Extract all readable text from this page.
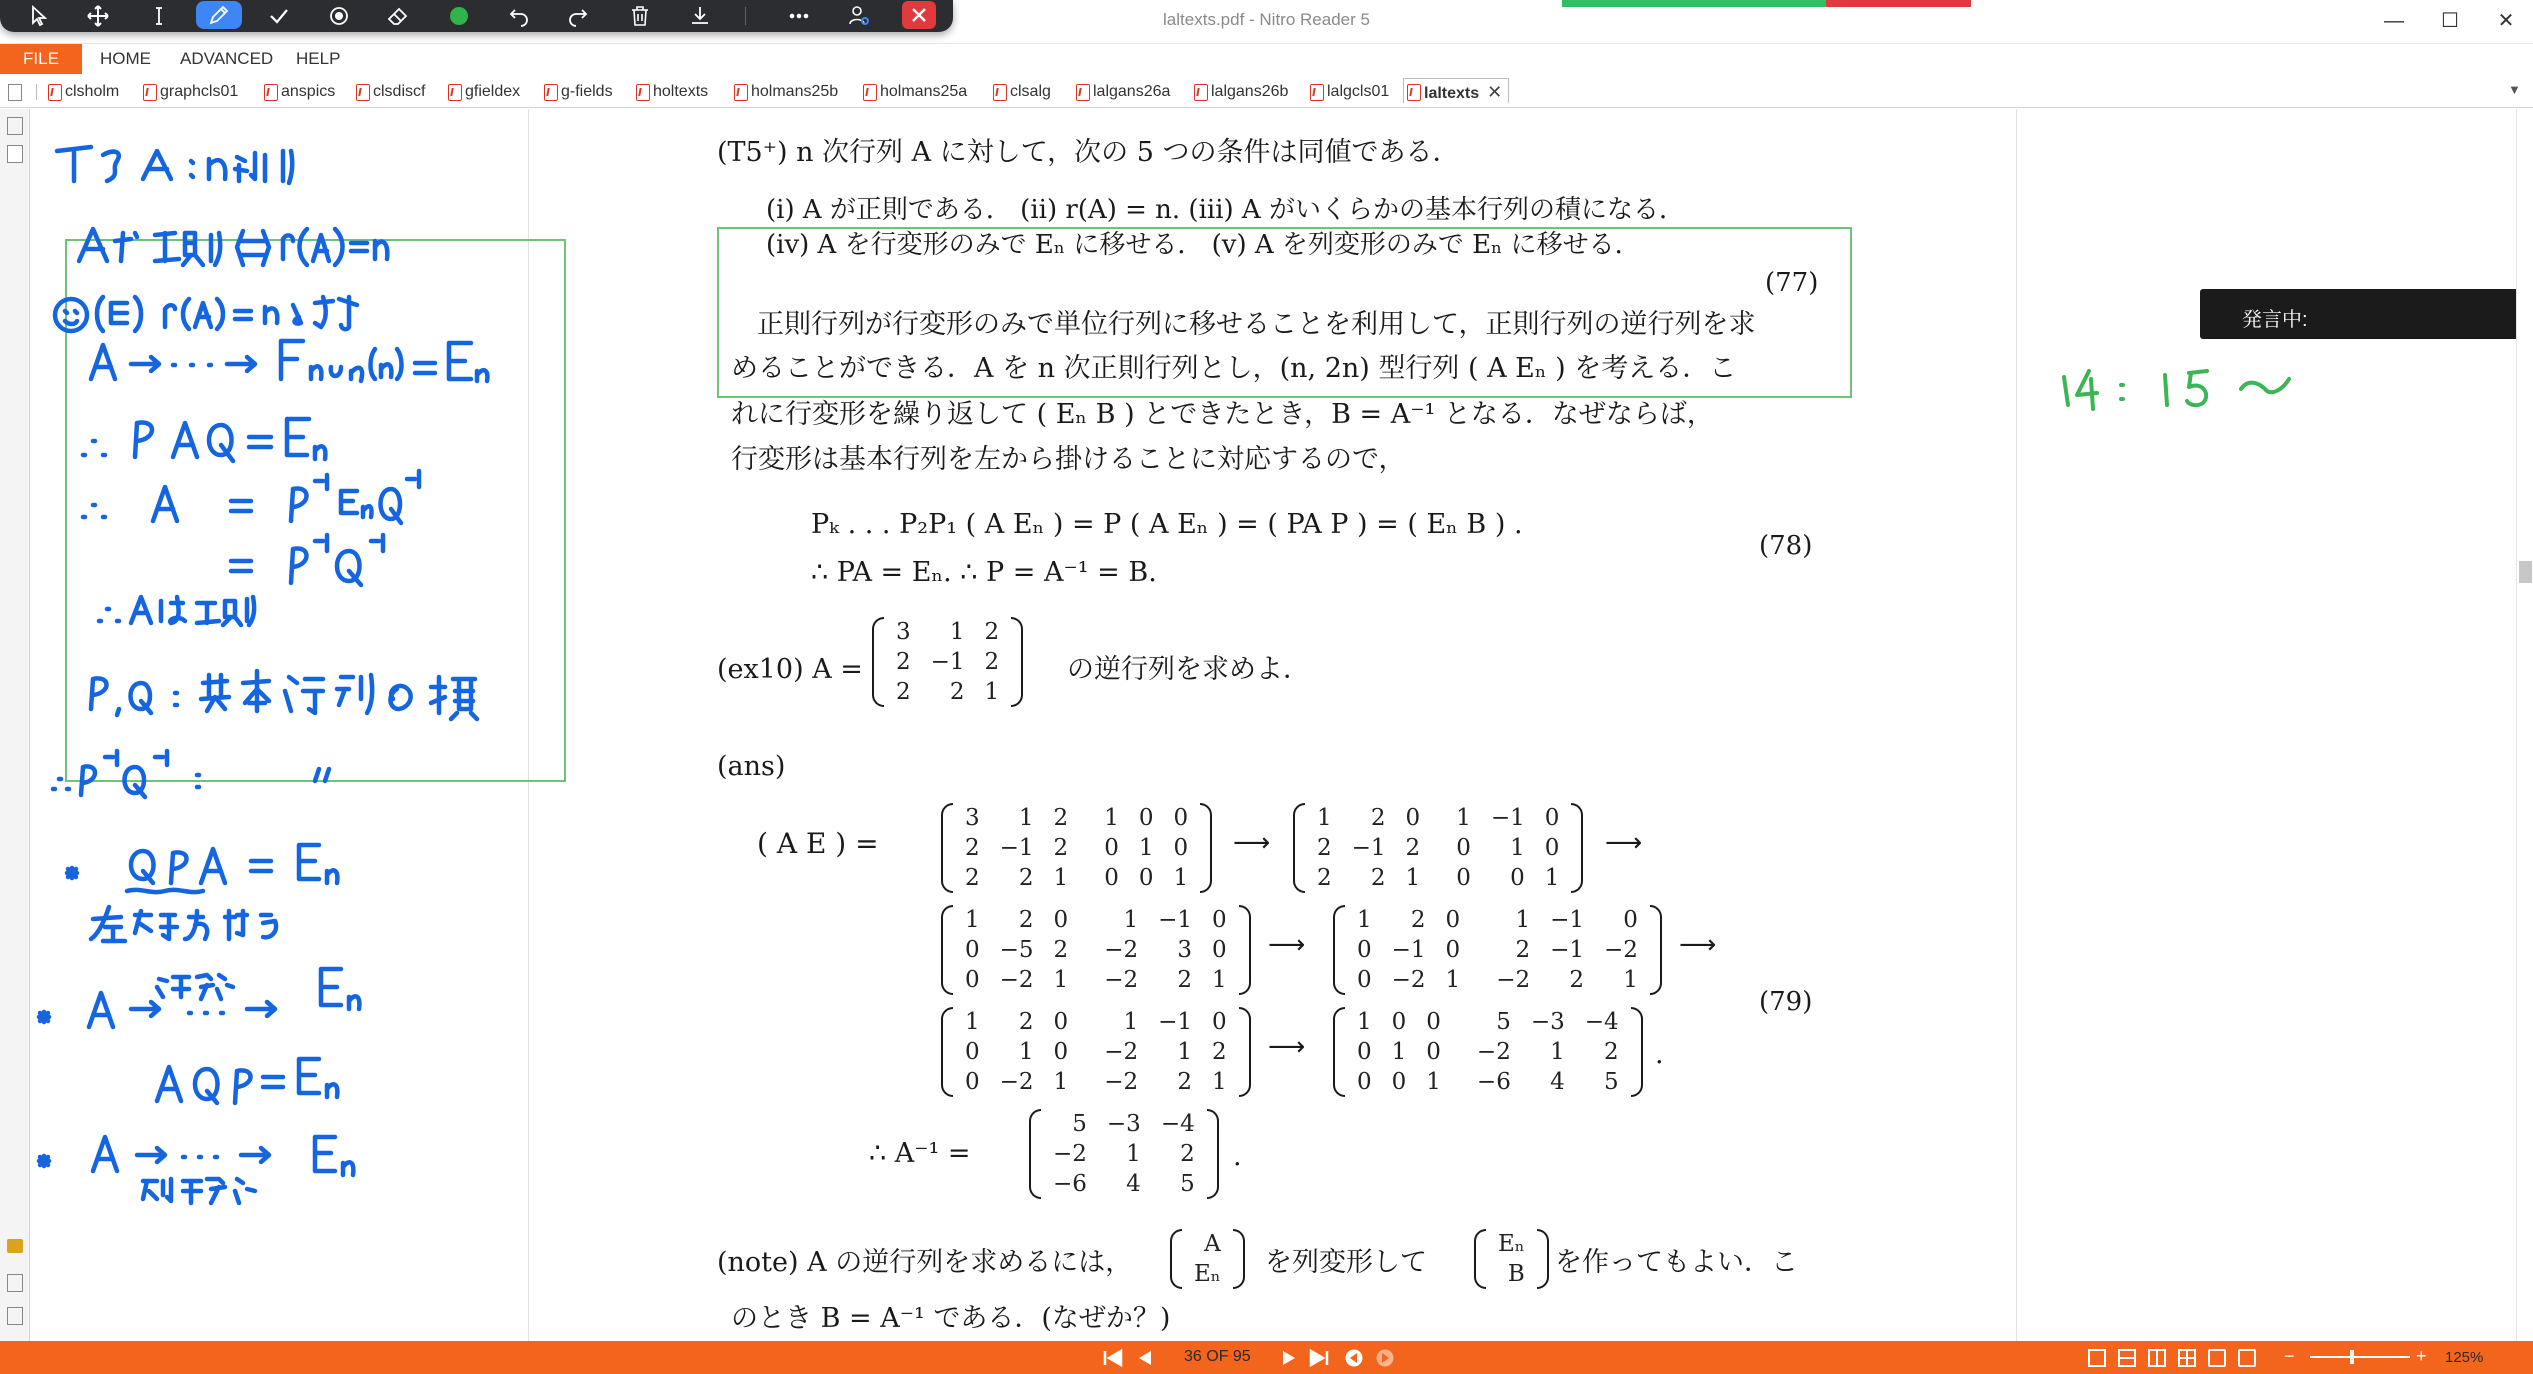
laltexts.pdf - Nitro Reader 5	—	☐	✕
FILE	HOME	ADVANCED	HELP
clsholm	graphcls01	anspics	clsdiscf	gfieldex	g-fields	holtexts	holmans25b	holmans25a	clsalg	lalgans26a	lalgans26b	lalgcls01	laltexts ✕	▼
(T5⁺) n 次行列 A に対して，次の 5 つの条件は同値である．
(i) A が正則である． (ii) r(A) = n. (iii) A がいくらかの基本行列の積になる．
(iv) A を行変形のみで Eₙ に移せる． (v) A を列変形のみで Eₙ に移せる．
(77)
正則行列が行変形のみで単位行列に移せることを利用して，正則行列の逆行列を求
めることができる．A を n 次正則行列とし，(n, 2n) 型行列 ( A Eₙ ) を考える．こ
れに行変形を繰り返して ( Eₙ B ) とできたとき，B = A⁻¹ となる．なぜならば，
行変形は基本行列を左から掛けることに対応するので，
Pₖ . . . P₂P₁ ( A Eₙ ) = P ( A Eₙ ) = ( PA P ) = ( Eₙ B ) .
∴ PA = Eₙ. ∴ P = A⁻¹ = B.
(78)
(ex10) A =
3	1	2
2	−1	2
2	2	1
の逆行列を求めよ．
(ans)
( A E ) =
3	1	2	1	0	0
2	−1	2	0	1	0
2	2	1	0	0	1
⟶
1	2	0	1	−1	0
2	−1	2	0	1	0
2	2	1	0	0	1
⟶
1	2	0	1	−1	0
0	−5	2	−2	3	0
0	−2	1	−2	2	1
⟶
1	2	0	1	−1	0
0	−1	0	2	−1	−2
0	−2	1	−2	2	1
⟶
1	2	0	1	−1	0
0	1	0	−2	1	2
0	−2	1	−2	2	1
⟶
1	0	0	5	−3	−4
0	1	0	−2	1	2
0	0	1	−6	4	5
.
(79)
∴ A⁻¹ =
5	−3	−4
−2	1	2
−6	4	5
.
(note) A の逆行列を求めるには，
A
Eₙ を列変形して
Eₙ
B を作ってもよい．こ
のとき B = A⁻¹ である．(なぜか？)
発言中:
36 OF 95	−	+ 125%
